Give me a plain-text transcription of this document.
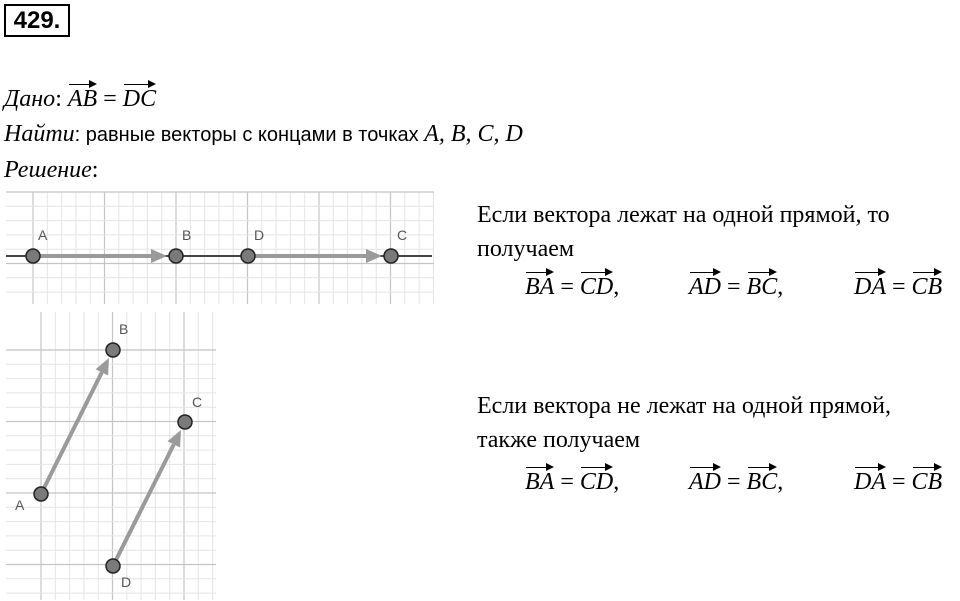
429.
Дано: AB = DC
Найти: равные векторы с концами в точках A, B, C, D
Решение:
A	B	D	C
A
B
C
D
Если вектора лежат на одной прямой, то
получаем
BA = CD,	AD = BC,	DA = CB
Если вектора не лежат на одной прямой,
также получаем
BA = CD,	AD = BC,	DA = CB
